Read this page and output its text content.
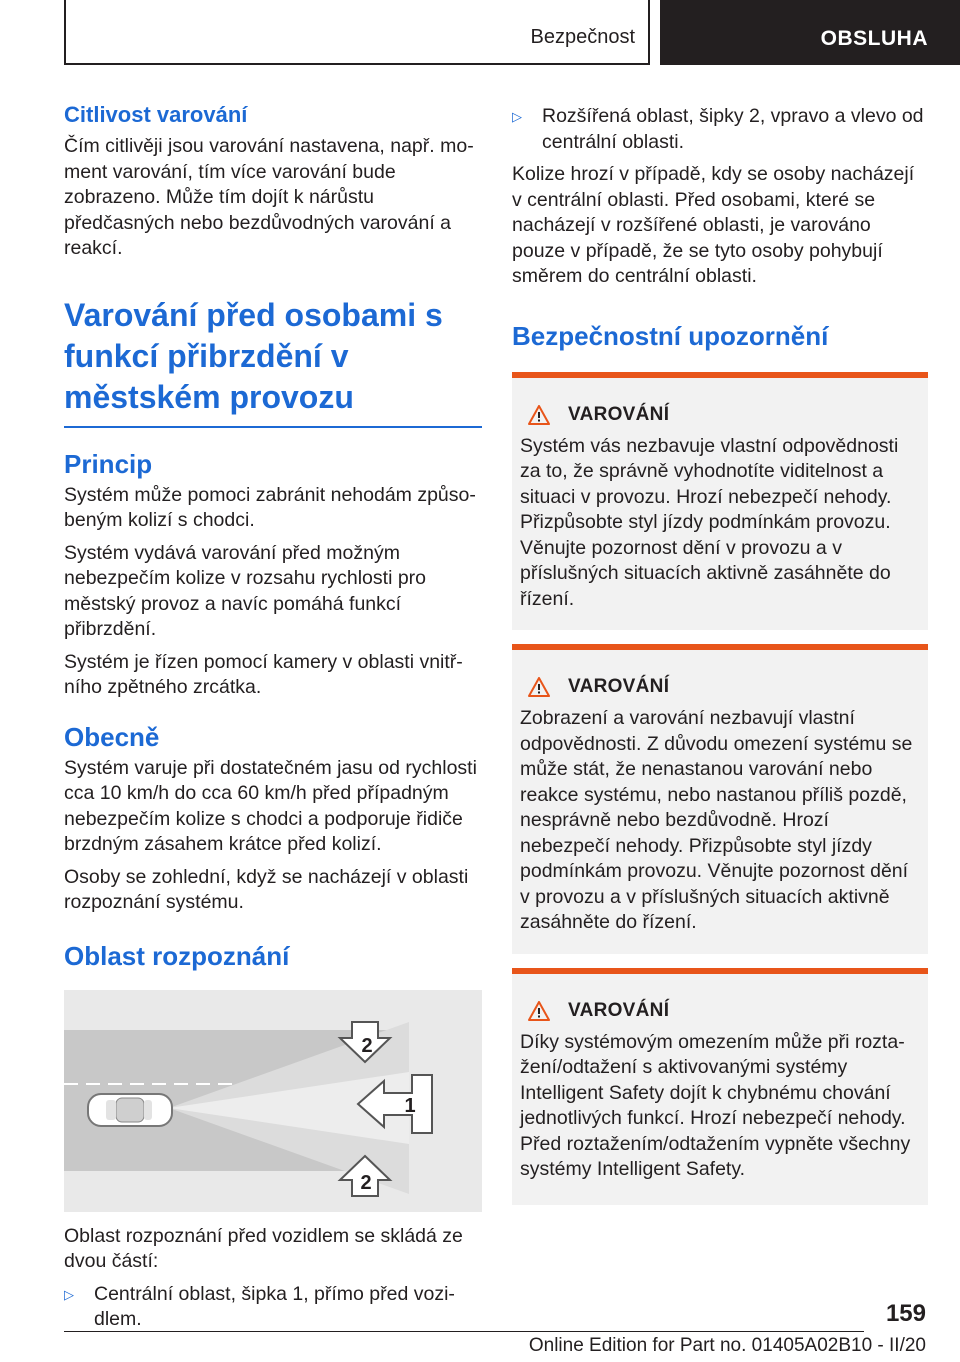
Bezpečnost	OBSLUHA
Citlivost varování

Čím citlivěji jsou varování nastavena, např. moment varování, tím více varování bude zobrazeno. Může tím dojít k nárůstu předčasných nebo bezdůvodných varování a reakcí.

Varování před osobami s funkcí přibrzdění v městském provozu
Princip

Systém může pomoci zabránit nehodám způsobeným kolizí s chodci.

Systém vydává varování před možným nebezpečím kolize v rozsahu rychlosti pro městský provoz a navíc pomáhá funkcí přibrzdění.

Systém je řízen pomocí kamery v oblasti vnitřního zpětného zrcátka.

Obecně

Systém varuje při dostatečném jasu od rychlosti cca 10 km/h do cca 60 km/h před případným nebezpečím kolize s chodci a podporuje řidiče brzdným zásahem krátce před kolizí.

Osoby se zohlední, když se nacházejí v oblasti rozpoznání systému.

Oblast rozpoznání
2
1
2

Oblast rozpoznání před vozidlem se skládá ze dvou částí:

▷	Centrální oblast, šipka 1, přímo před vozidlem.

▷	Rozšířená oblast, šipky 2, vpravo a vlevo od centrální oblasti.

Kolize hrozí v případě, kdy se osoby nacházejí v centrální oblasti. Před osobami, které se nacházejí v rozšířené oblasti, je varováno pouze v případě, že se tyto osoby pohybují směrem do centrální oblasti.

Bezpečnostní upozornění
VAROVÁNÍ

Systém vás nezbavuje vlastní odpovědnosti za to, že správně vyhodnotíte viditelnost a situaci v provozu. Hrozí nebezpečí nehody. Přizpůsobte styl jízdy podmínkám provozu. Věnujte pozornost dění v provozu a v příslušných situacích aktivně zasáhněte do řízení.

VAROVÁNÍ

Zobrazení a varování nezbavují vlastní odpovědnosti. Z důvodu omezení systému se může stát, že nenastanou varování nebo reakce systému, nebo nastanou příliš pozdě, nesprávně nebo bezdůvodně. Hrozí nebezpečí nehody. Přizpůsobte styl jízdy podmínkám provozu. Věnujte pozornost dění v provozu a v příslušných situacích aktivně zasáhněte do řízení.

VAROVÁNÍ

Díky systémovým omezením může při roztažení/odtažení s aktivovanými systémy Intelligent Safety dojít k chybnému chování jednotlivých funkcí. Hrozí nebezpečí nehody. Před roztažením/odtažením vypněte všechny systémy Intelligent Safety.

159
Online Edition for Part no. 01405A02B10 - II/20
